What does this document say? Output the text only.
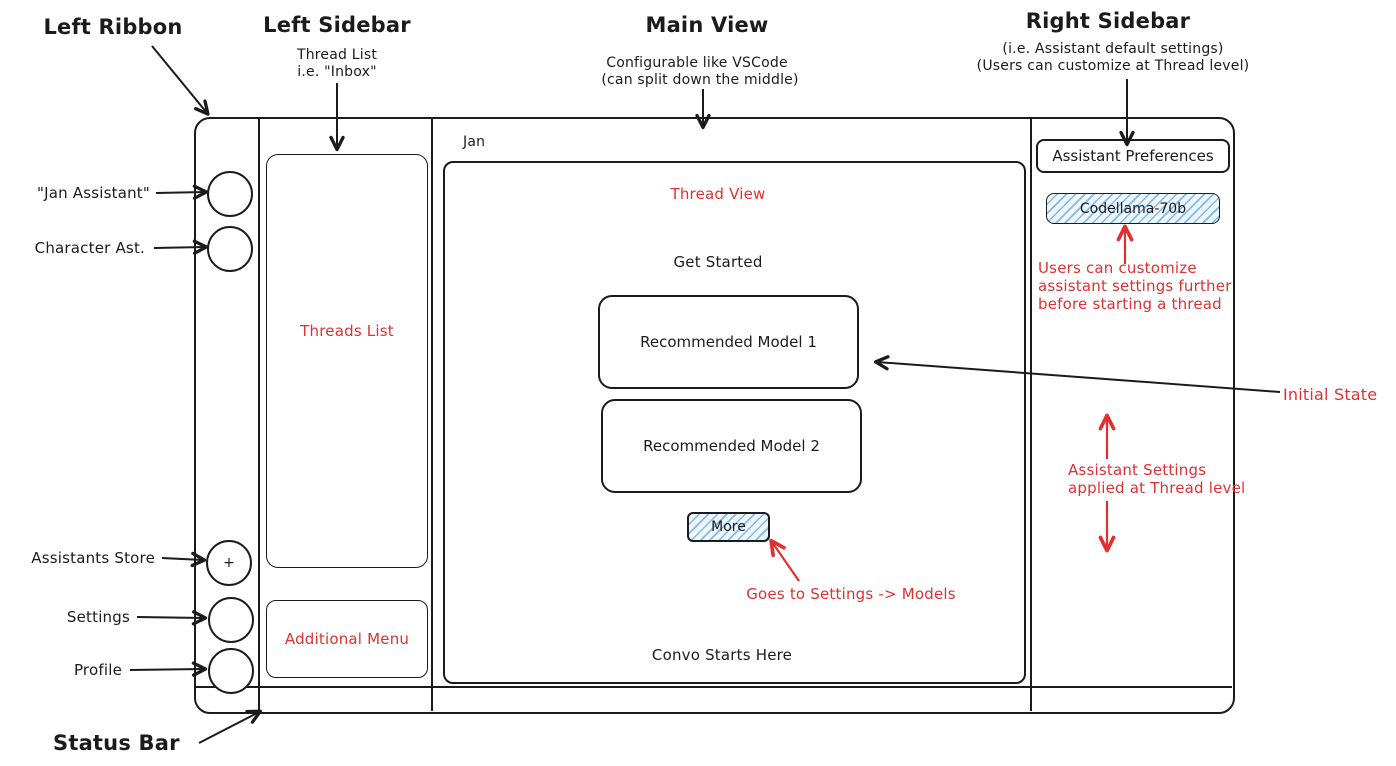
+
Threads List
Additional Menu
Jan
Thread View
Get Started
Recommended Model 1
Recommended Model 2
More
Convo Starts Here
Assistant Preferences
Codellama-70b
Users can customize
assistant settings further
before starting a thread
Initial State
Assistant Settings
applied at Thread level
Goes to Settings -> Models
Left Ribbon	Left Sidebar
Thread List
i.e. "Inbox"
Main View
Configurable like VSCode
(can split down the middle)
Right Sidebar
(i.e. Assistant default settings)
(Users can customize at Thread level)
Status Bar
"Jan Assistant"
Character Ast.
Assistants Store
Settings
Profile
